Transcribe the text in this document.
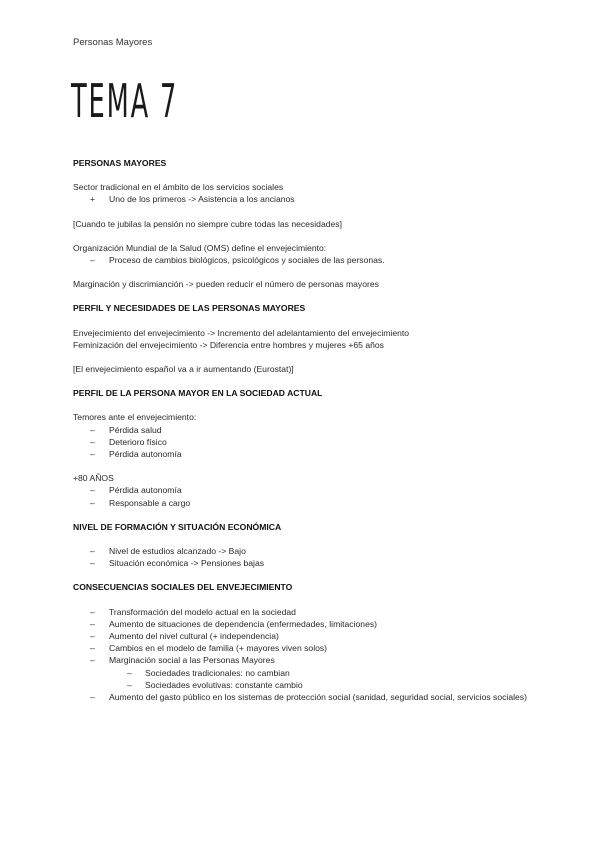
Personas Mayores
TEMA 7

PERSONAS MAYORES

Sector tradicional en el ámbito de los servicios sociales

+ Uno de los primeros -> Asistencia a los ancianos

[Cuando te jubilas la pensión no siempre cubre todas las necesidades]

Organización Mundial de la Salud (OMS) define el envejecimiento:

– Proceso de cambios biológicos, psicológicos y sociales de las personas.

Marginación y discrimianción -> pueden reducir el número de personas mayores

PERFIL Y NECESIDADES DE LAS PERSONAS MAYORES

Envejecimiento del envejecimiento -> Incremento del adelantamiento del envejecimiento

Feminización del envejecimiento -> Diferencia entre hombres y mujeres +65 años

[El envejecimiento español va a ir aumentando (Eurostat)]

PERFIL DE LA PERSONA MAYOR EN LA SOCIEDAD ACTUAL

Temores ante el envejecimiento:

– Pérdida salud
– Deterioro físico
– Pérdida autonomía

+80 AÑOS

– Pérdida autonomía
– Responsable a cargo

NIVEL DE FORMACIÓN Y SITUACIÓN ECONÓMICA

– Nivel de estudios alcanzado -> Bajo
– Situación económica -> Pensiones bajas

CONSECUENCIAS SOCIALES DEL ENVEJECIMIENTO

– Transformación del modelo actual en la sociedad
– Aumento de situaciones de dependencia (enfermedades, limitaciones)
– Aumento del nivel cultural (+ independencia)
– Cambios en el modelo de familia (+ mayores viven solos)
– Marginación social a las Personas Mayores
– Sociedades tradicionales: no cambian
– Sociedades evolutivas: constante cambio
– Aumento del gasto público en los sistemas de protección social (sanidad, seguridad social, servicios sociales)
